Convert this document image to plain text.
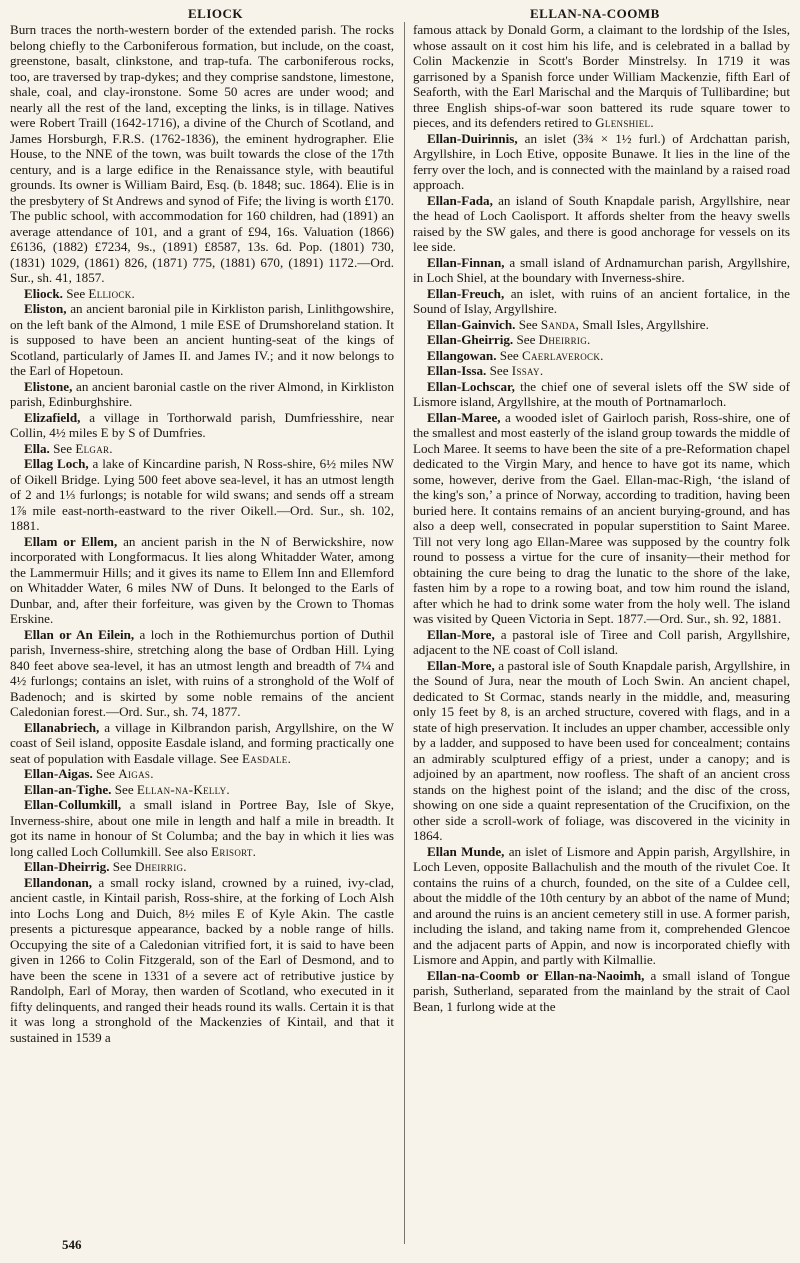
ELIOCK	ELLAN-NA-COOMB

Burn traces the north-western border of the extended parish. The rocks belong chiefly to the Carboniferous formation, but include, on the coast, greenstone, basalt, clinkstone, and trap-tufa. The carboniferous rocks, too, are traversed by trap-dykes; and they comprise sandstone, limestone, shale, coal, and clay-ironstone. Some 50 acres are under wood; and nearly all the rest of the land, excepting the links, is in tillage. Natives were Robert Traill (1642-1716), a divine of the Church of Scotland, and James Horsburgh, F.R.S. (1762-1836), the eminent hydrographer. Elie House, to the NNE of the town, was built towards the close of the 17th century, and is a large edifice in the Renaissance style, with beautiful grounds. Its owner is William Baird, Esq. (b. 1848; suc. 1864). Elie is in the presbytery of St Andrews and synod of Fife; the living is worth £170. The public school, with accommodation for 160 children, had (1891) an average attendance of 101, and a grant of £94, 16s. Valuation (1866) £6136, (1882) £7234, 9s., (1891) £8587, 13s. 6d. Pop. (1801) 730, (1831) 1029, (1861) 826, (1871) 775, (1881) 670, (1891) 1172.—Ord. Sur., sh. 41, 1857.

Eliock. See Elliock.

Eliston, an ancient baronial pile in Kirkliston parish, Linlithgowshire, on the left bank of the Almond, 1 mile ESE of Drumshoreland station. It is supposed to have been an ancient hunting-seat of the kings of Scotland, particularly of James II. and James IV.; and it now belongs to the Earl of Hopetoun.

Elistone, an ancient baronial castle on the river Almond, in Kirkliston parish, Edinburghshire.

Elizafield, a village in Torthorwald parish, Dumfriesshire, near Collin, 4½ miles E by S of Dumfries.

Ella. See Elgar.

Ellag Loch, a lake of Kincardine parish, N Ross-shire, 6½ miles NW of Oikell Bridge. Lying 500 feet above sea-level, it has an utmost length of 2 and 1⅓ furlongs; is notable for wild swans; and sends off a stream 1⅞ mile east-north-eastward to the river Oikell.—Ord. Sur., sh. 102, 1881.

Ellam or Ellem, an ancient parish in the N of Berwickshire, now incorporated with Longformacus. It lies along Whitadder Water, among the Lammermuir Hills; and it gives its name to Ellem Inn and Ellemford on Whitadder Water, 6 miles NW of Duns. It belonged to the Earls of Dunbar, and, after their forfeiture, was given by the Crown to Thomas Erskine.

Ellan or An Eilein, a loch in the Rothiemurchus portion of Duthil parish, Inverness-shire, stretching along the base of Ordban Hill. Lying 840 feet above sea-level, it has an utmost length and breadth of 7¼ and 4½ furlongs; contains an islet, with ruins of a stronghold of the Wolf of Badenoch; and is skirted by some noble remains of the ancient Caledonian forest.—Ord. Sur., sh. 74, 1877.

Ellanabriech, a village in Kilbrandon parish, Argyllshire, on the W coast of Seil island, opposite Easdale island, and forming practically one seat of population with Easdale village. See Easdale.

Ellan-Aigas. See Aigas.

Ellan-an-Tighe. See Ellan-na-Kelly.

Ellan-Collumkill, a small island in Portree Bay, Isle of Skye, Inverness-shire, about one mile in length and half a mile in breadth. It got its name in honour of St Columba; and the bay in which it lies was long called Loch Collumkill. See also Erisort.

Ellan-Dheirrig. See Dheirrig.

Ellandonan, a small rocky island, crowned by a ruined, ivy-clad, ancient castle, in Kintail parish, Ross-shire, at the forking of Loch Alsh into Lochs Long and Duich, 8½ miles E of Kyle Akin. The castle presents a picturesque appearance, backed by a noble range of hills. Occupying the site of a Caledonian vitrified fort, it is said to have been given in 1266 to Colin Fitzgerald, son of the Earl of Desmond, and to have been the scene in 1331 of a severe act of retributive justice by Randolph, Earl of Moray, then warden of Scotland, who executed in it fifty delinquents, and ranged their heads round its walls. Certain it is that it was long a stronghold of the Mackenzies of Kintail, and that it sustained in 1539 a

famous attack by Donald Gorm, a claimant to the lordship of the Isles, whose assault on it cost him his life, and is celebrated in a ballad by Colin Mackenzie in Scott's Border Minstrelsy. In 1719 it was garrisoned by a Spanish force under William Mackenzie, fifth Earl of Seaforth, with the Earl Marischal and the Marquis of Tullibardine; but three English ships-of-war soon battered its rude square tower to pieces, and its defenders retired to Glenshiel.

Ellan-Duirinnis, an islet (3¾ × 1½ furl.) of Ardchattan parish, Argyllshire, in Loch Etive, opposite Bunawe. It lies in the line of the ferry over the loch, and is connected with the mainland by a raised road approach.

Ellan-Fada, an island of South Knapdale parish, Argyllshire, near the head of Loch Caolisport. It affords shelter from the heavy swells raised by the SW gales, and there is good anchorage for vessels on its lee side.

Ellan-Finnan, a small island of Ardnamurchan parish, Argyllshire, in Loch Shiel, at the boundary with Inverness-shire.

Ellan-Freuch, an islet, with ruins of an ancient fortalice, in the Sound of Islay, Argyllshire.

Ellan-Gainvich. See Sanda, Small Isles, Argyllshire.

Ellan-Gheirrig. See Dheirrig.

Ellangowan. See Caerlaverock.

Ellan-Issa. See Issay.

Ellan-Lochscar, the chief one of several islets off the SW side of Lismore island, Argyllshire, at the mouth of Portnamarloch.

Ellan-Maree, a wooded islet of Gairloch parish, Ross-shire, one of the smallest and most easterly of the island group towards the middle of Loch Maree. It seems to have been the site of a pre-Reformation chapel dedicated to the Virgin Mary, and hence to have got its name, which some, however, derive from the Gael. Ellan-mac-Righ, ‘the island of the king's son,’ a prince of Norway, according to tradition, having been buried here. It contains remains of an ancient burying-ground, and has also a deep well, consecrated in popular superstition to Saint Maree. Till not very long ago Ellan-Maree was supposed by the country folk round to possess a virtue for the cure of insanity—their method for obtaining the cure being to drag the lunatic to the shore of the lake, fasten him by a rope to a rowing boat, and tow him round the island, after which he had to drink some water from the holy well. The island was visited by Queen Victoria in Sept. 1877.—Ord. Sur., sh. 92, 1881.

Ellan-More, a pastoral isle of Tiree and Coll parish, Argyllshire, adjacent to the NE coast of Coll island.

Ellan-More, a pastoral isle of South Knapdale parish, Argyllshire, in the Sound of Jura, near the mouth of Loch Swin. An ancient chapel, dedicated to St Cormac, stands nearly in the middle, and, measuring only 15 feet by 8, is an arched structure, covered with flags, and in a state of high preservation. It includes an upper chamber, accessible only by a ladder, and supposed to have been used for concealment; contains an admirably sculptured effigy of a priest, under a canopy; and is adjoined by an apartment, now roofless. The shaft of an ancient cross stands on the highest point of the island; and the disc of the cross, showing on one side a quaint representation of the Crucifixion, on the other side a scroll-work of foliage, was discovered in the vicinity in 1864.

Ellan Munde, an islet of Lismore and Appin parish, Argyllshire, in Loch Leven, opposite Ballachulish and the mouth of the rivulet Coe. It contains the ruins of a church, founded, on the site of a Culdee cell, about the middle of the 10th century by an abbot of the name of Mund; and around the ruins is an ancient cemetery still in use. A former parish, including the island, and taking name from it, comprehended Glencoe and the adjacent parts of Appin, and now is incorporated chiefly with Lismore and Appin, and partly with Kilmallie.

Ellan-na-Coomb or Ellan-na-Naoimh, a small island of Tongue parish, Sutherland, separated from the mainland by the strait of Caol Bean, 1 furlong wide at the

546
